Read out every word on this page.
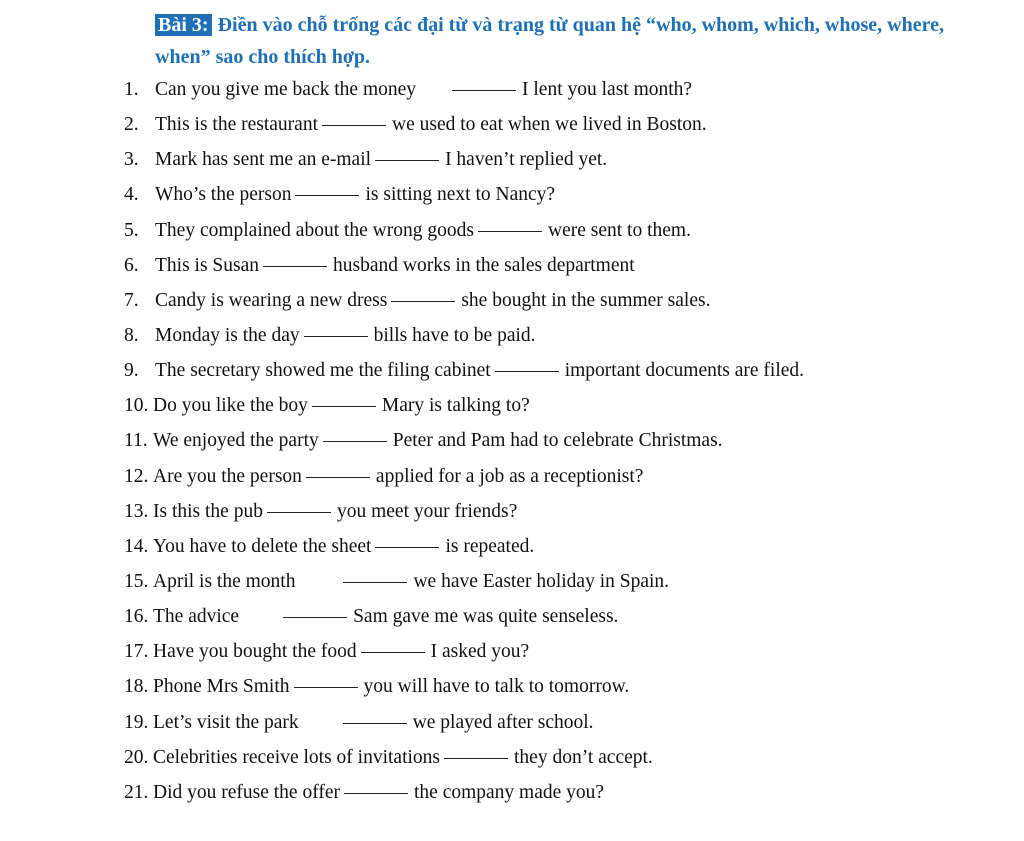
Bài 3: Điền vào chỗ trống các đại từ và trạng từ quan hệ “who, whom, which, whose, where, when” sao cho thích hợp.
1. Can you give me back the money	I lent you last month?
2. This is the restaurant	we used to eat when we lived in Boston.
3. Mark has sent me an e-mail	I haven’t replied yet.
4. Who’s the person	is sitting next to Nancy?
5. They complained about the wrong goods	were sent to them.
6. This is Susan	husband works in the sales department
7. Candy is wearing a new dress	she bought in the summer sales.
8. Monday is the day	bills have to be paid.
9. The secretary showed me the filing cabinet	important documents are filed.
10. Do you like the boy	Mary is talking to?
11. We enjoyed the party	Peter and Pam had to celebrate Christmas.
12. Are you the person	applied for a job as a receptionist?
13. Is this the pub	you meet your friends?
14. You have to delete the sheet	is repeated.
15. April is the month	we have Easter holiday in Spain.
16. The advice	Sam gave me was quite senseless.
17. Have you bought the food	I asked you?
18. Phone Mrs Smith	you will have to talk to tomorrow.
19. Let’s visit the park	we played after school.
20. Celebrities receive lots of invitations	they don’t accept.
21. Did you refuse the offer	the company made you?
